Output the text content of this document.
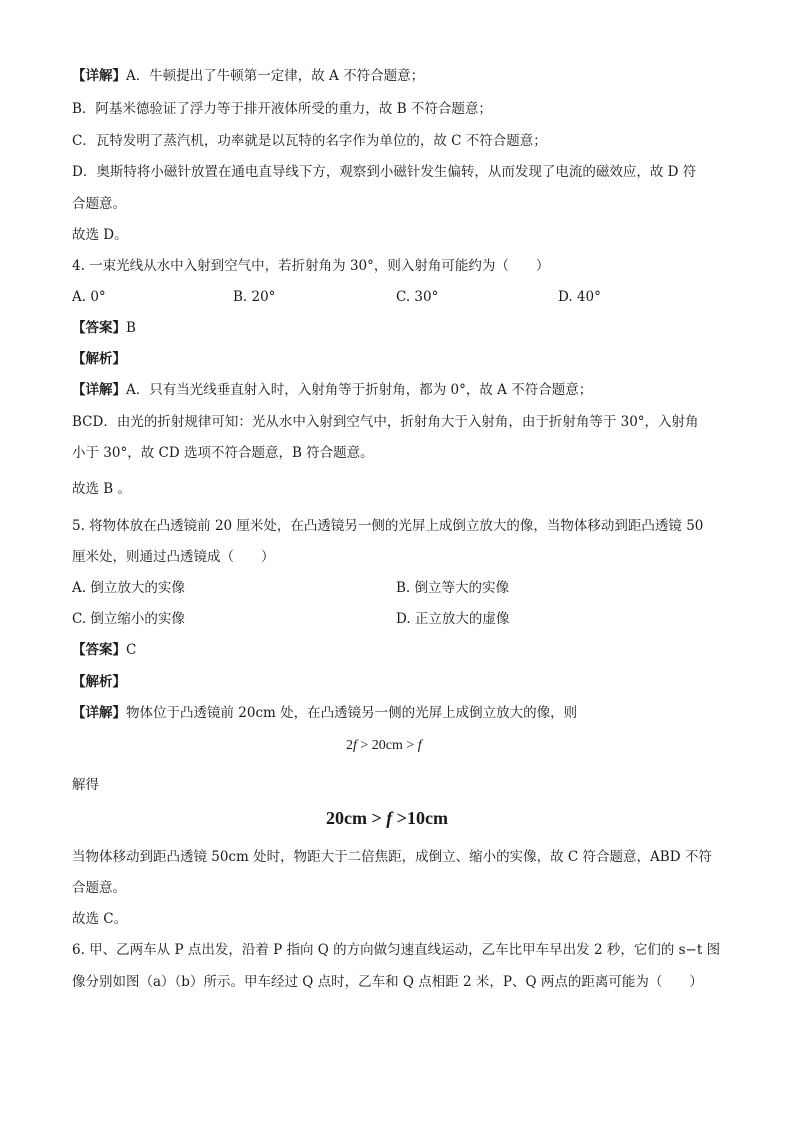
【详解】A．牛顿提出了牛顿第一定律，故 A 不符合题意；
B．阿基米德验证了浮力等于排开液体所受的重力，故 B 不符合题意；
C．瓦特发明了蒸汽机，功率就是以瓦特的名字作为单位的，故 C 不符合题意；
D．奥斯特将小磁针放置在通电直导线下方，观察到小磁针发生偏转，从而发现了电流的磁效应，故 D 符
合题意。
故选 D。
4. 一束光线从水中入射到空气中，若折射角为 30°，则入射角可能约为（　　）
A. 0°	B. 20°	C. 30°	D. 40°
【答案】B
【解析】
【详解】A．只有当光线垂直射入时，入射角等于折射角，都为 0°，故 A 不符合题意；
BCD．由光的折射规律可知：光从水中入射到空气中，折射角大于入射角，由于折射角等于 30°，入射角
小于 30°，故 CD 选项不符合题意，B 符合题意。
故选 B 。
5. 将物体放在凸透镜前 20 厘米处，在凸透镜另一侧的光屏上成倒立放大的像，当物体移动到距凸透镜 50
厘米处，则通过凸透镜成（　　）
A. 倒立放大的实像	B. 倒立等大的实像
C. 倒立缩小的实像	D. 正立放大的虚像
【答案】C
【解析】
【详解】物体位于凸透镜前 20cm 处，在凸透镜另一侧的光屏上成倒立放大的像，则
2f > 20cm > f
解得
20cm > f >10cm
当物体移动到距凸透镜 50cm 处时，物距大于二倍焦距，成倒立、缩小的实像，故 C 符合题意，ABD 不符
合题意。
故选 C。
6. 甲、乙两车从 P 点出发，沿着 P 指向 Q 的方向做匀速直线运动，乙车比甲车早出发 2 秒，它们的 s−t 图
像分别如图（a）（b）所示。甲车经过 Q 点时，乙车和 Q 点相距 2 米，P、Q 两点的距离可能为（　　）
